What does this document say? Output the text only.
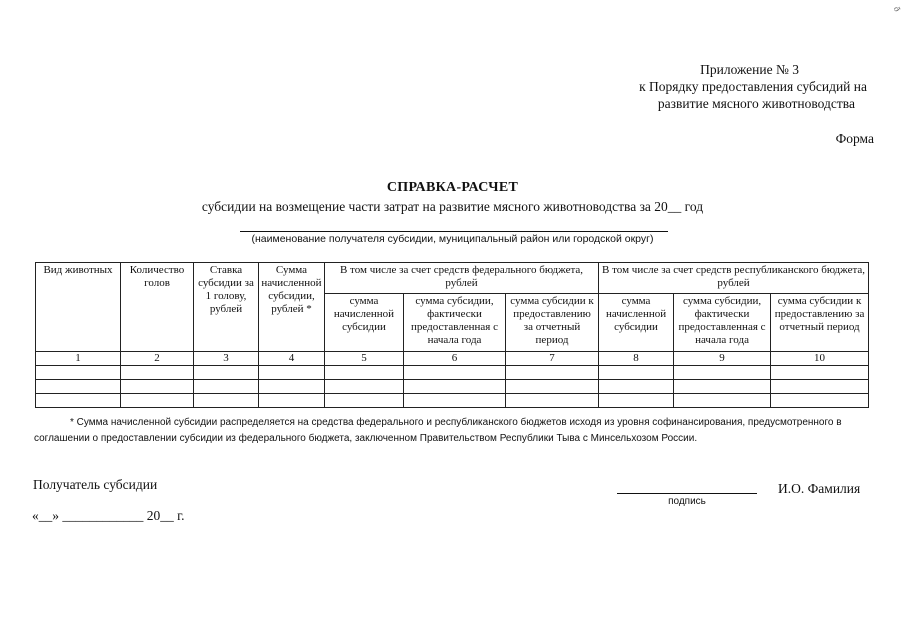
ð
Приложение № 3
к Порядку предоставления субсидий на
развитие мясного животноводства
Форма
СПРАВКА-РАСЧЕТ
субсидии на возмещение части затрат на развитие мясного животноводства за 20__ год
(наименование получателя субсидии, муниципальный район или городской округ)
Вид животных	Количество голов	Ставка субсидии за 1 голову, рублей	Сумма начисленной субсидии, рублей *	В том числе за счет средств федерального бюджета, рублей			В том числе за счет средств республиканского бюджета, рублей		
				сумма начисленной субсидии	сумма субсидии, фактически предоставленная с начала года	сумма субсидии к предоставлению за отчетный период	сумма начисленной субсидии	сумма субсидии, фактически предоставленная с начала года	сумма субсидии к предоставлению за отчетный период
1	2	3	4	5	6	7	8	9	10

* Сумма начисленной субсидии распределяется на средства федерального и республиканского бюджетов исходя из уровня софинансирования, предусмотренного в соглашении о предоставлении субсидии из федерального бюджета, заключенном Правительством Республики Тыва с Минсельхозом России.
Получатель субсидии
подпись
И.О. Фамилия
«__» ____________ 20__ г.
